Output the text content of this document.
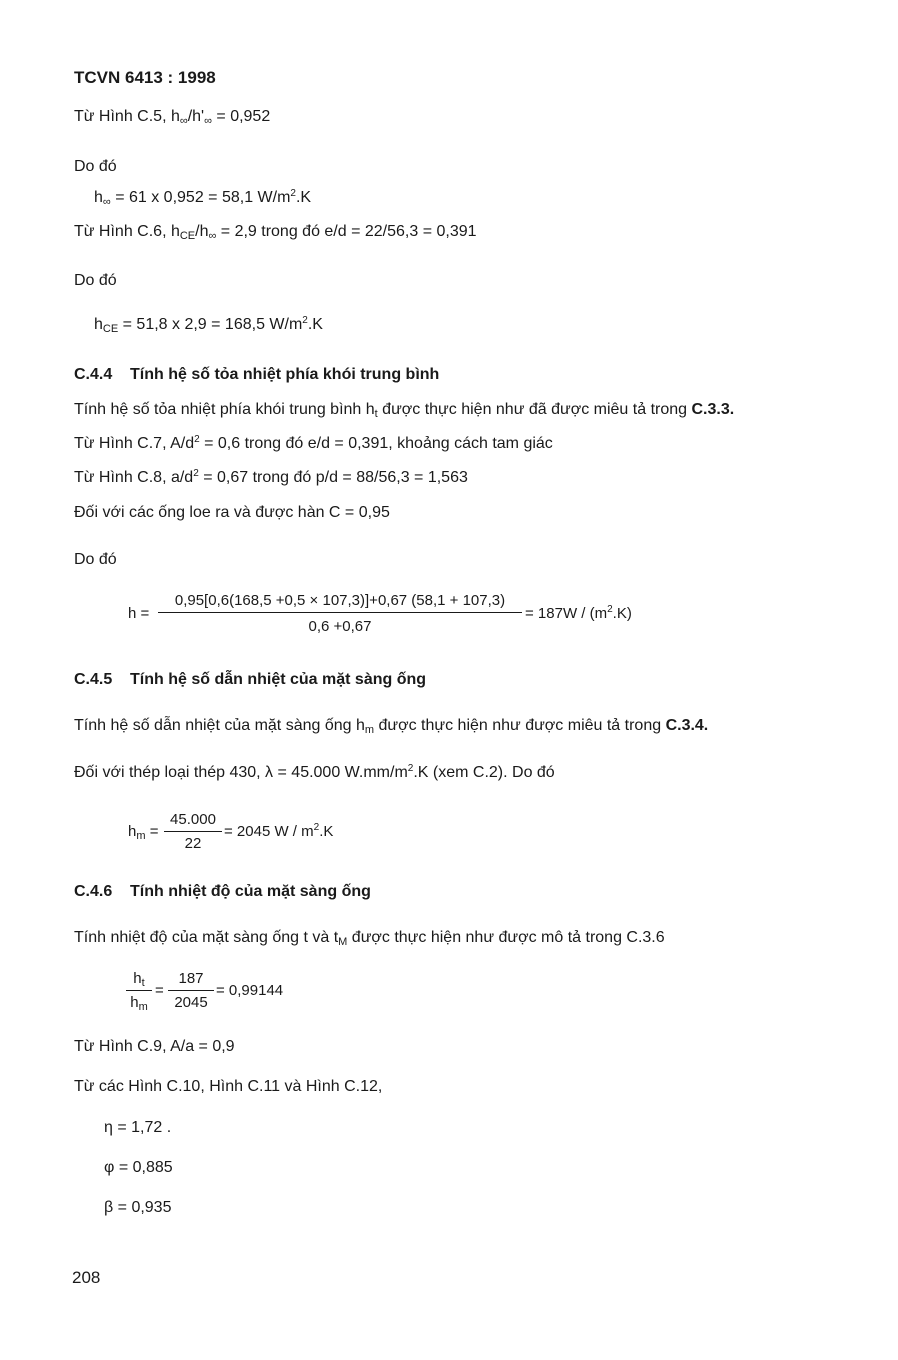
TCVN 6413 : 1998
Từ Hình C.5, $h_\infty/h'_\infty = 0,952$
Do đó
$h_\infty = 61$ x 0,952 = 58,1 $W/m^2.K$
Từ Hình C.6, $h_{CE}/h_\infty = 2,9$ trong đó e/d = 22/56,3 = 0,391
Do đó
$h_{CE} = 51,8$ x 2,9 = 168,5 $W/m^2.K$
C.4.4 Tính hệ số tỏa nhiệt phía khói trung bình
Tính hệ số tỏa nhiệt phía khói trung bình $h_t$ được thực hiện như đã được miêu tả trong C.3.3.
Từ Hình C.7, $A/d^2 = 0,6$ trong đó e/d = 0,391, khoảng cách tam giác
Từ Hình C.8, $a/d^2 = 0,67$ trong đó p/d = 88/56,3 = 1,563
Đối với các ống loe ra và được hàn C = 0,95
Do đó
h =
0,95[0,6(168,5 +0,5 × 107,3)]+0,67 (58,1 + 107,3)
0,6 +0,67
= $187W / (m^2.K)$
C.4.5 Tính hệ số dẫn nhiệt của mặt sàng ống
Tính hệ số dẫn nhiệt của mặt sàng ống $h_m$ được thực hiện như được miêu tả trong C.3.4.
Đối với thép loại thép 430, λ = 45.000 $W.mm/m^2.K$ (xem C.2). Do đó
$h_m$ =
45.000
22
= 2045 W / $m^2.K$
C.4.6 Tính nhiệt độ của mặt sàng ống
Tính nhiệt độ của mặt sàng ống t và $t_M$ được thực hiện như được mô tả trong C.3.6
$h_t$
$h_m$
=
187
2045
= 0,99144
Từ Hình C.9, A/a = 0,9
Từ các Hình C.10, Hình C.11 và Hình C.12,
η = 1,72 .
φ = 0,885
β = 0,935
208
